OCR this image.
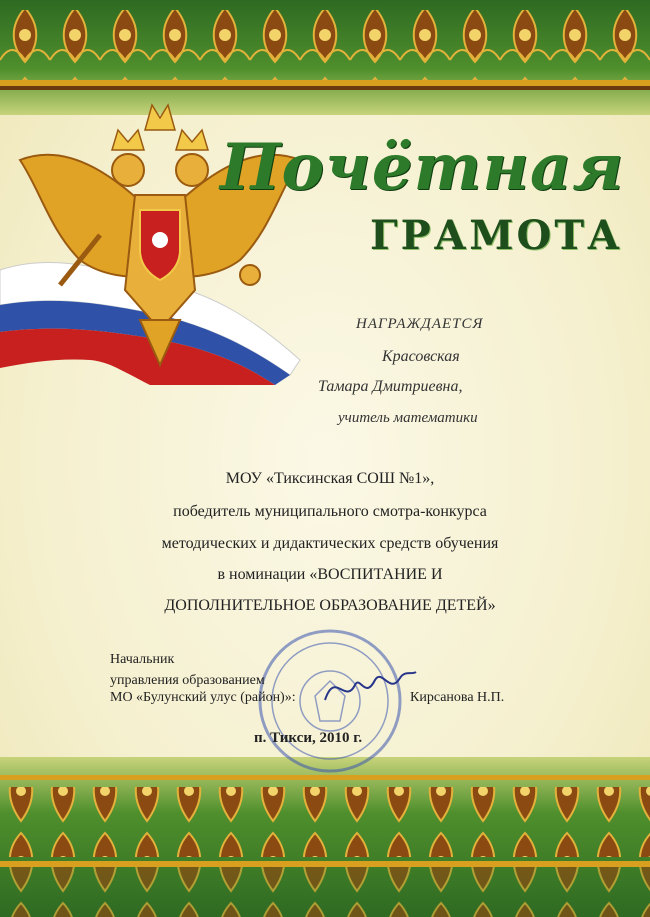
Почётная
ГРАМОТА
НАГРАЖДАЕТСЯ
Красовская
Тамара Дмитриевна,
учитель математики
МОУ «Тиксинская СОШ №1»,
победитель муниципального смотра-конкурса
методических и дидактических средств обучения
в номинации «ВОСПИТАНИЕ И
ДОПОЛНИТЕЛЬНОЕ ОБРАЗОВАНИЕ ДЕТЕЙ»
Начальник
управления образованием
МО «Булунский улус (район)»:	Кирсанова Н.П.
п. Тикси, 2010 г.
